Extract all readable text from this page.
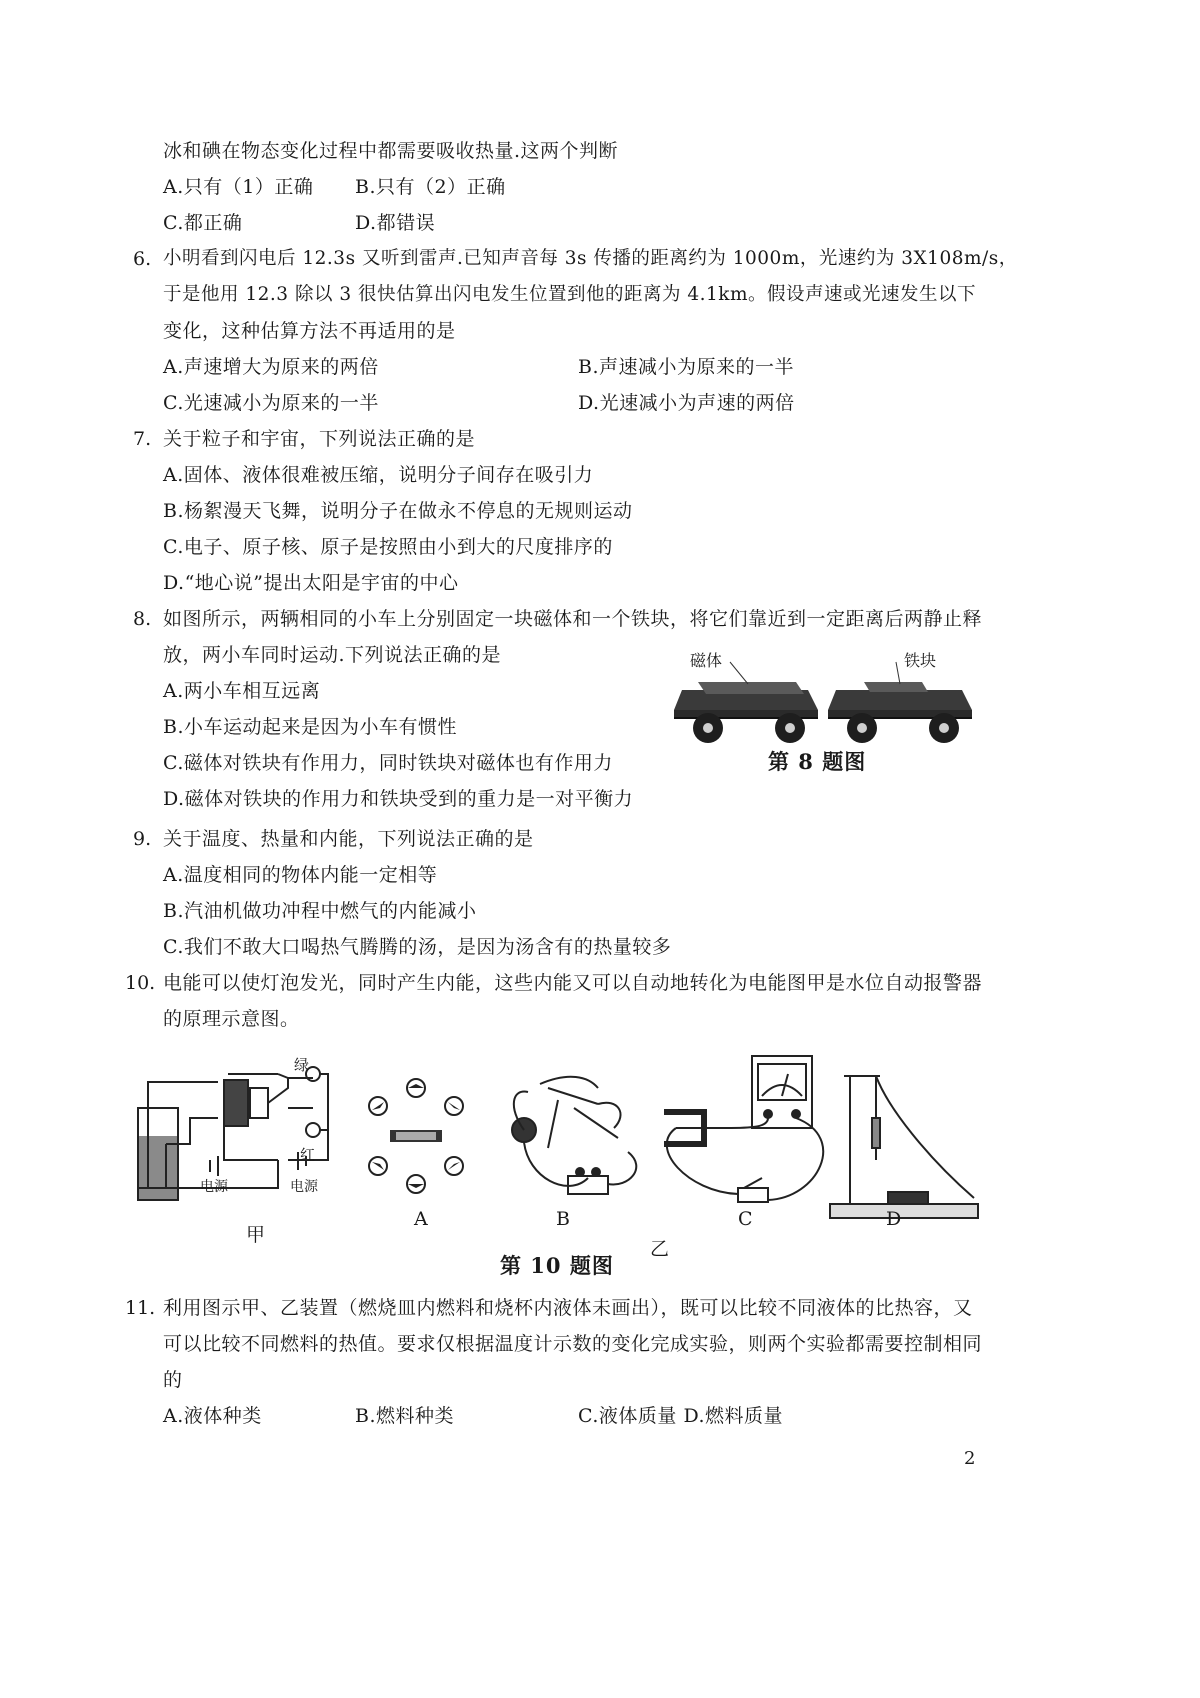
冰和碘在物态变化过程中都需要吸收热量.这两个判断
A.只有（1）正确 B.只有（2）正确
C.都正确	D.都错误
6. 小明看到闪电后 12.3s 又听到雷声.已知声音每 3s 传播的距离约为 1000m，光速约为 3X108m/s，
于是他用 12.3 除以 3 很快估算出闪电发生位置到他的距离为 4.1km。假设声速或光速发生以下
变化，这种估算方法不再适用的是
A.声速增大为原来的两倍	B.声速减小为原来的一半
C.光速减小为原来的一半	D.光速减小为声速的两倍
7. 关于粒子和宇宙，下列说法正确的是
A.固体、液体很难被压缩，说明分子间存在吸引力
B.杨絮漫天飞舞，说明分子在做永不停息的无规则运动
C.电子、原子核、原子是按照由小到大的尺度排序的
D.“地心说”提出太阳是宇宙的中心
8. 如图所示，两辆相同的小车上分别固定一块磁体和一个铁块，将它们靠近到一定距离后两静止释
放，两小车同时运动.下列说法正确的是
A.两小车相互远离
B.小车运动起来是因为小车有惯性
C.磁体对铁块有作用力，同时铁块对磁体也有作用力
D.磁体对铁块的作用力和铁块受到的重力是一对平衡力
磁体	铁块
第 8 题图
9. 关于温度、热量和内能，下列说法正确的是
A.温度相同的物体内能一定相等
B.汽油机做功冲程中燃气的内能减小
C.我们不敢大口喝热气腾腾的汤，是因为汤含有的热量较多
10. 电能可以使灯泡发光，同时产生内能，这些内能又可以自动地转化为电能图甲是水位自动报警器
的原理示意图。
绿
红
电源	电源
甲
A	B	C	D
乙
第 10 题图
11. 利用图示甲、乙装置（燃烧皿内燃料和烧杯内液体未画出），既可以比较不同液体的比热容，又
可以比较不同燃料的热值。要求仅根据温度计示数的变化完成实验，则两个实验都需要控制相同
的
A.液体种类	B.燃料种类	C.液体质量 D.燃料质量
2
